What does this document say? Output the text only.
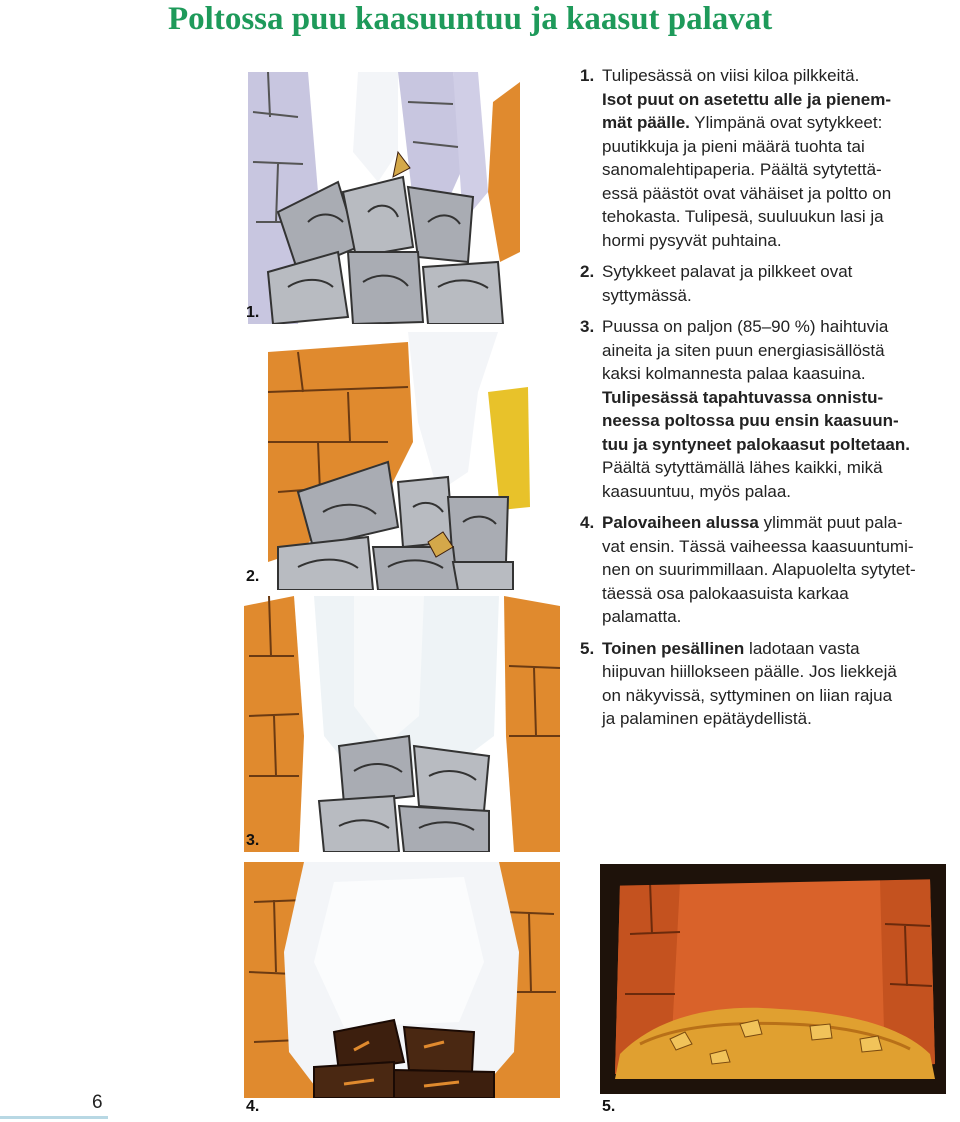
Poltossa puu kaasuuntuu ja kaasut palavat
1.
2.
3.
4.	5.
1. Tulipesässä on viisi kiloa pilkkeitä.
Isot puut on asetettu alle ja pienem-
mät päälle. Ylimpänä ovat sytykkeet:
puutikkuja ja pieni määrä tuohta tai
sanomalehtipaperia. Päältä sytytettä-
essä päästöt ovat vähäiset ja poltto on
tehokasta. Tulipesä, suuluukun lasi ja
hormi pysyvät puhtaina.
2. Sytykkeet palavat ja pilkkeet ovat
syttymässä.
3. Puussa on paljon (85–90 %) haihtuvia
aineita ja siten puun energiasisällöstä
kaksi kolmannesta palaa kaasuina.
Tulipesässä tapahtuvassa onnistu-
neessa poltossa puu ensin kaasuun-
tuu ja syntyneet palokaasut poltetaan.
Päältä sytyttämällä lähes kaikki, mikä
kaasuuntuu, myös palaa.
4. Palovaiheen alussa ylimmät puut pala-
vat ensin. Tässä vaiheessa kaasuuntumi-
nen on suurimmillaan. Alapuolelta sytytet-
täessä osa palokaasuista karkaa
palamatta.
5. Toinen pesällinen ladotaan vasta
hiipuvan hiillokseen päälle. Jos liekkejä
on näkyvissä, syttyminen on liian rajua
ja palaminen epätäydellistä.
6
